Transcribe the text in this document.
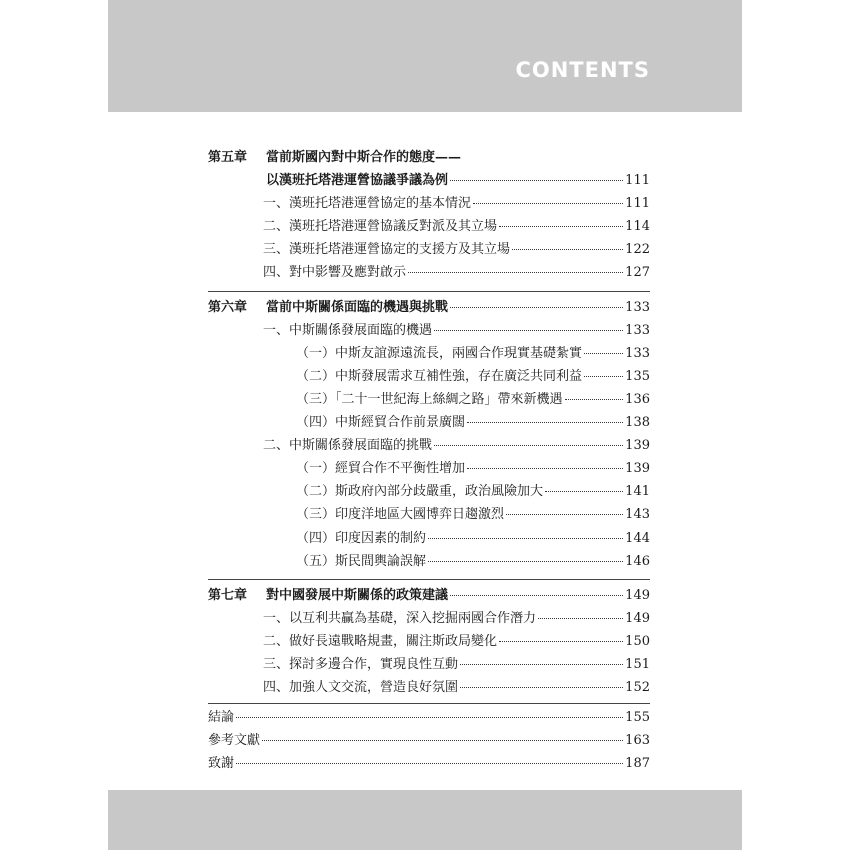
CONTENTS
第五章 當前斯國內對中斯合作的態度——
以漢班托塔港運營協議爭議為例	111
一、漢班托塔港運營協定的基本情況	111
二、漢班托塔港運營協議反對派及其立場	114
三、漢班托塔港運營協定的支援方及其立場	122
四、對中影響及應對啟示	127
第六章 當前中斯關係面臨的機遇與挑戰	133
一、中斯關係發展面臨的機遇	133
（一）中斯友誼源遠流長，兩國合作現實基礎紮實	133
（二）中斯發展需求互補性強，存在廣泛共同利益	135
（三）「二十一世紀海上絲綢之路」帶來新機遇	136
（四）中斯經貿合作前景廣闊	138
二、中斯關係發展面臨的挑戰	139
（一）經貿合作不平衡性增加	139
（二）斯政府內部分歧嚴重，政治風險加大	141
（三）印度洋地區大國博弈日趨激烈	143
（四）印度因素的制約	144
（五）斯民間輿論誤解	146
第七章 對中國發展中斯關係的政策建議	149
一、以互利共贏為基礎，深入挖掘兩國合作潛力	149
二、做好長遠戰略規畫，關注斯政局變化	150
三、探討多邊合作，實現良性互動	151
四、加強人文交流，營造良好氛圍	152
結論	155
參考文獻	163
致謝	187
